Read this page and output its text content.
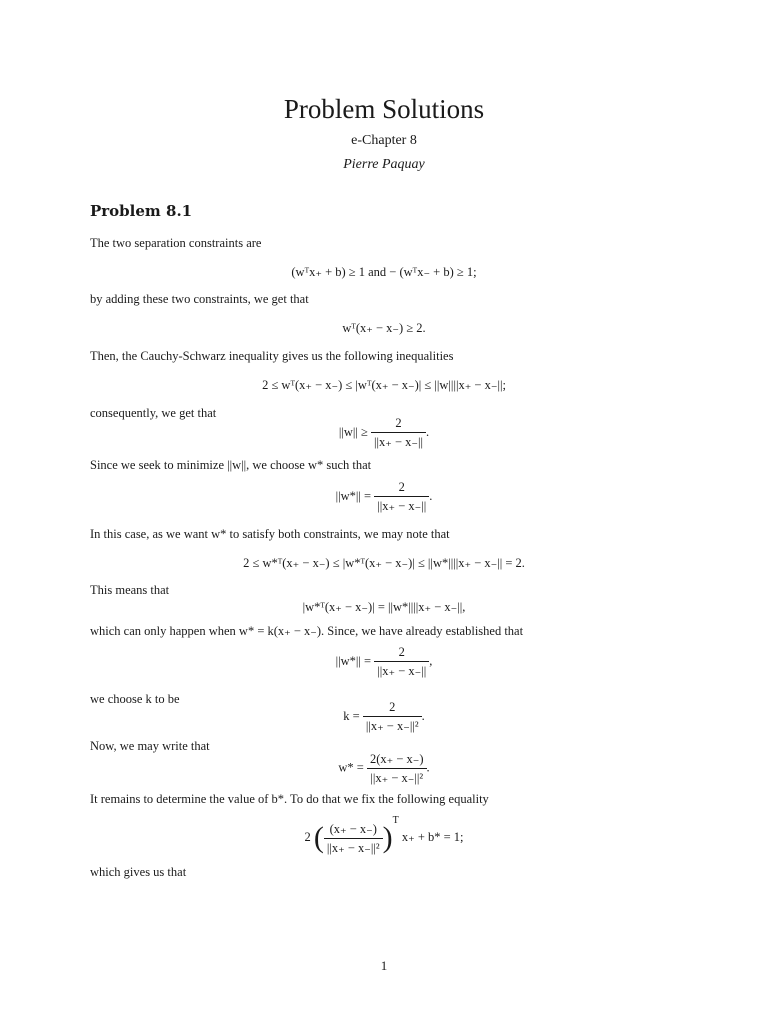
Problem Solutions
e-Chapter 8
Pierre Paquay
Problem 8.1
The two separation constraints are
(wᵀx₊ + b) ≥ 1 and − (wᵀx₋ + b) ≥ 1;
by adding these two constraints, we get that
wᵀ(x₊ − x₋) ≥ 2.
Then, the Cauchy-Schwarz inequality gives us the following inequalities
2 ≤ wᵀ(x₊ − x₋) ≤ |wᵀ(x₊ − x₋)| ≤ ||w||||x₊ − x₋||;
consequently, we get that
$||w|| \ge \frac{2}{||x_+ - x_-||}$ .
Since we seek to minimize ||w||, we choose w* such that
$||w*|| = \frac{2}{||x_+ - x_-||}$ .
In this case, as we want w* to satisfy both constraints, we may note that
2 ≤ w*ᵀ(x₊ − x₋) ≤ |w*ᵀ(x₊ − x₋)| ≤ ||w*||||x₊ − x₋|| = 2.
This means that
|w*ᵀ(x₊ − x₋)| = ||w*||||x₊ − x₋||,
which can only happen when w* = k(x₊ − x₋). Since, we have already established that
$||w*|| = \frac{2}{||x_+ - x_-||}$ ,
we choose k to be
$k = \frac{2}{\text{||x₊ − x₋||²}}$ .
Now, we may write that
$w* = \frac{2(x_+ - x_-)}{\text{||x₊ − x₋||²}}$ .
It remains to determine the value of b*. To do that we fix the following equality
2 ( $\frac{(x_+ - x_-)}{\text{||x₊ − x₋||²}} )^T$ x₊ + b* = 1;
which gives us that
1
